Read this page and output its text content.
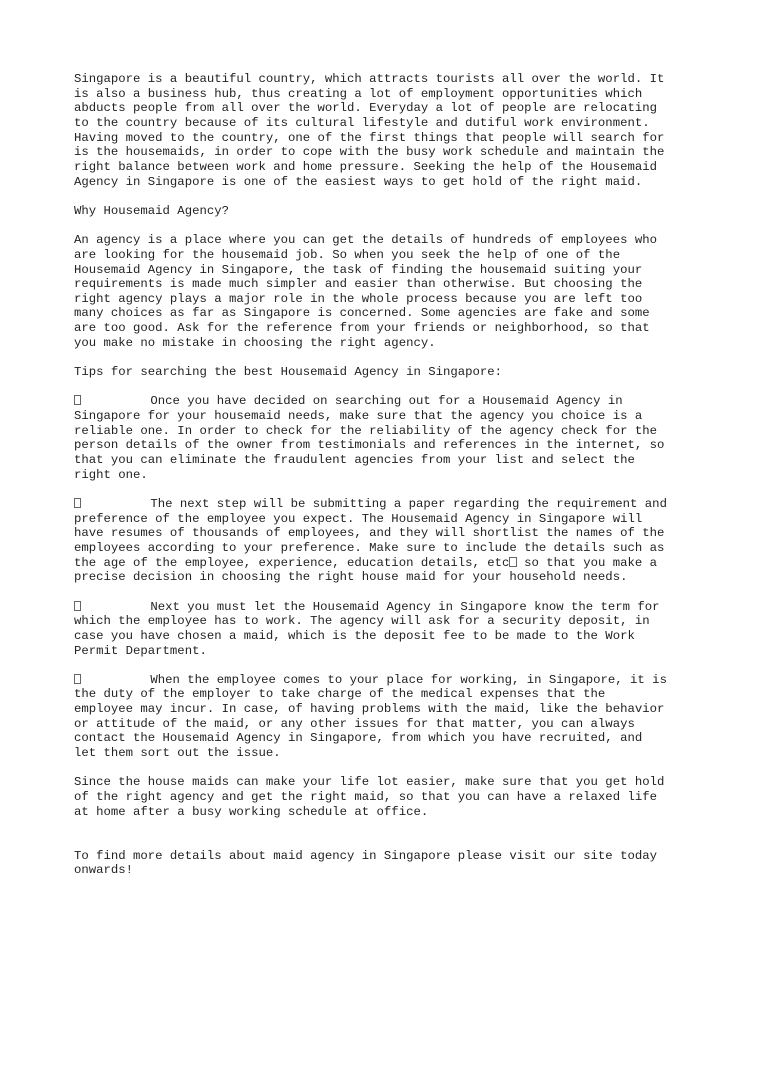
Singapore is a beautiful country, which attracts tourists all over the world. It
is also a business hub, thus creating a lot of employment opportunities which
abducts people from all over the world. Everyday a lot of people are relocating
to the country because of its cultural lifestyle and dutiful work environment.
Having moved to the country, one of the first things that people will search for
is the housemaids, in order to cope with the busy work schedule and maintain the
right balance between work and home pressure. Seeking the help of the Housemaid
Agency in Singapore is one of the easiest ways to get hold of the right maid.

Why Housemaid Agency?

An agency is a place where you can get the details of hundreds of employees who
are looking for the housemaid job. So when you seek the help of one of the
Housemaid Agency in Singapore, the task of finding the housemaid suiting your
requirements is made much simpler and easier than otherwise. But choosing the
right agency plays a major role in the whole process because you are left too
many choices as far as Singapore is concerned. Some agencies are fake and some
are too good. Ask for the reference from your friends or neighborhood, so that
you make no mistake in choosing the right agency.

Tips for searching the best Housemaid Agency in Singapore:

Once you have decided on searching out for a Housemaid Agency in
Singapore for your housemaid needs, make sure that the agency you choice is a
reliable one. In order to check for the reliability of the agency check for the
person details of the owner from testimonials and references in the internet, so
that you can eliminate the fraudulent agencies from your list and select the
right one.

The next step will be submitting a paper regarding the requirement and
preference of the employee you expect. The Housemaid Agency in Singapore will
have resumes of thousands of employees, and they will shortlist the names of the
employees according to your preference. Make sure to include the details such as
the age of the employee, experience, education details, etc so that you make a
precise decision in choosing the right house maid for your household needs.

Next you must let the Housemaid Agency in Singapore know the term for
which the employee has to work. The agency will ask for a security deposit, in
case you have chosen a maid, which is the deposit fee to be made to the Work
Permit Department.

When the employee comes to your place for working, in Singapore, it is
the duty of the employer to take charge of the medical expenses that the
employee may incur. In case, of having problems with the maid, like the behavior
or attitude of the maid, or any other issues for that matter, you can always
contact the Housemaid Agency in Singapore, from which you have recruited, and
let them sort out the issue.

Since the house maids can make your life lot easier, make sure that you get hold
of the right agency and get the right maid, so that you can have a relaxed life
at home after a busy working schedule at office.

To find more details about maid agency in Singapore please visit our site today
onwards!
